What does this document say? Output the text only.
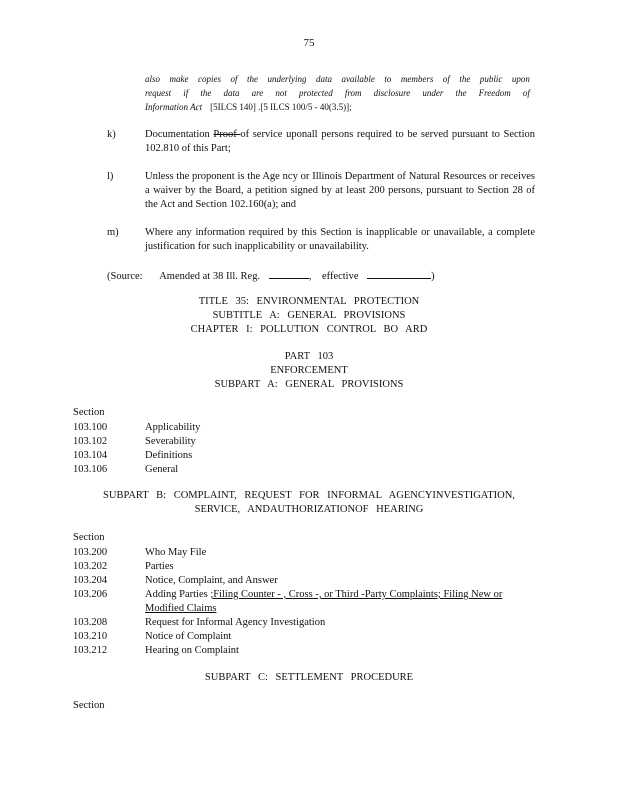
75
also make copies of the underlying data available to members of the public upon
request if the data are not protected from disclosure under the Freedom of
Information Act [5ILCS 140] .[5 ILCS 100/5 - 40(3.5)];
k)	Documentation Proof of service uponall persons required to be served pursuant to Section 102.810 of this Part;
l)	Unless the proponent is the Age ncy or Illinois Department of Natural Resources or receives a waiver by the Board, a petition signed by at least 200 persons, pursuant to Section 28 of the Act and Section 102.160(a); and
m)	Where any information required by this Section is inapplicable or unavailable, a complete justification for such inapplicability or unavailability.
(Source: Amended at 38 Ill. Reg.	, effective	)
TITLE 35: ENVIRONMENTAL PROTECTION
SUBTITLE A: GENERAL PROVISIONS
CHAPTER I: POLLUTION CONTROL BO ARD
PART 103
ENFORCEMENT
SUBPART A: GENERAL PROVISIONS
Section
103.100	Applicability
103.102	Severability
103.104	Definitions
103.106	General
SUBPART B: COMPLAINT, REQUEST FOR INFORMAL AGENCYINVESTIGATION,
SERVICE, ANDAUTHORIZATIONOF HEARING
Section
103.200	Who May File
103.202	Parties
103.204	Notice, Complaint, and Answer
103.206	Adding Parties ;Filing Counter - , Cross -, or Third -Party Complaints; Filing New or Modified Claims
103.208	Request for Informal Agency Investigation
103.210	Notice of Complaint
103.212	Hearing on Complaint
SUBPART C: SETTLEMENT PROCEDURE
Section
